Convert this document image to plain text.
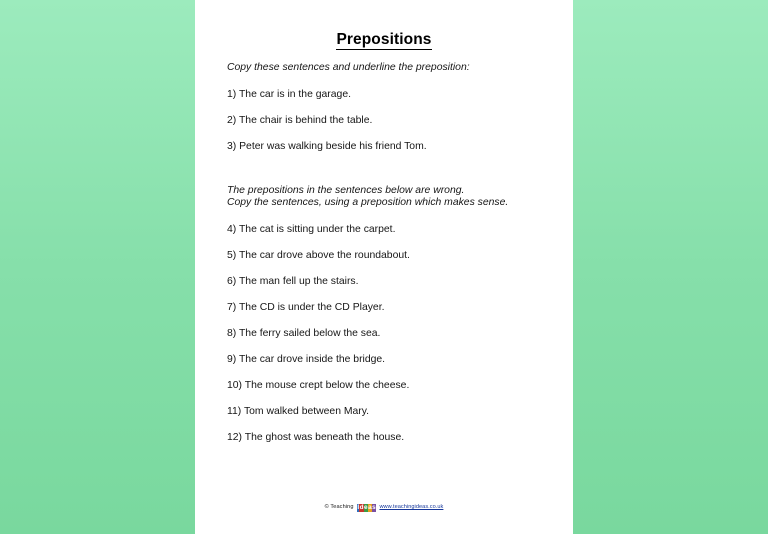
Prepositions

Copy these sentences and underline the preposition:

1) The car is in the garage.

2) The chair is behind the table.

3) Peter was walking beside his friend Tom.

The prepositions in the sentences below are wrong.

Copy the sentences, using a preposition which makes sense.

4) The cat is sitting under the carpet.

5) The car drove above the roundabout.

6) The man fell up the stairs.

7) The CD is under the CD Player.

8) The ferry sailed below the sea.

9) The car drove inside the bridge.

10) The mouse crept below the cheese.

11) Tom walked between Mary.

12) The ghost was beneath the house.

© Teaching I d e a s www.teachingideas.co.uk
